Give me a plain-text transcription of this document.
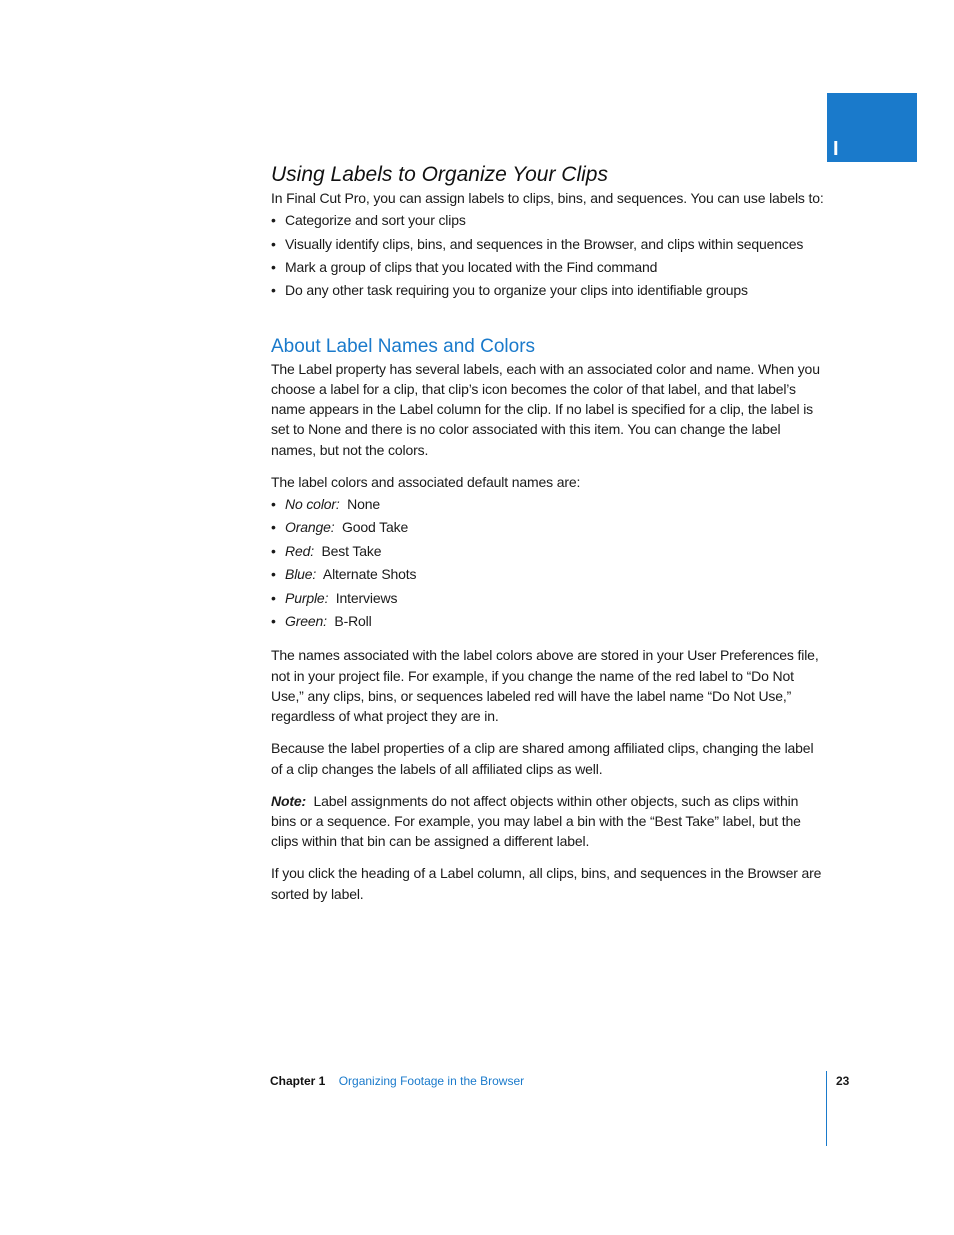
I
Using Labels to Organize Your Clips

In Final Cut Pro, you can assign labels to clips, bins, and sequences. You can use labels to:

• Categorize and sort your clips
• Visually identify clips, bins, and sequences in the Browser, and clips within sequences
• Mark a group of clips that you located with the Find command
• Do any other task requiring you to organize your clips into identifiable groups
About Label Names and Colors

The Label property has several labels, each with an associated color and name. When you choose a label for a clip, that clip’s icon becomes the color of that label, and that label’s name appears in the Label column for the clip. If no label is specified for a clip, the label is set to None and there is no color associated with this item. You can change the label names, but not the colors.

The label colors and associated default names are:

• No color: None
• Orange: Good Take
• Red: Best Take
• Blue: Alternate Shots
• Purple: Interviews
• Green: B-Roll

The names associated with the label colors above are stored in your User Preferences file, not in your project file. For example, if you change the name of the red label to “Do Not Use,” any clips, bins, or sequences labeled red will have the label name “Do Not Use,” regardless of what project they are in.

Because the label properties of a clip are shared among affiliated clips, changing the label of a clip changes the labels of all affiliated clips as well.

Note: Label assignments do not affect objects within other objects, such as clips within bins or a sequence. For example, you may label a bin with the “Best Take” label, but the clips within that bin can be assigned a different label.

If you click the heading of a Label column, all clips, bins, and sequences in the Browser are sorted by label.

Chapter 1 Organizing Footage in the Browser	23
